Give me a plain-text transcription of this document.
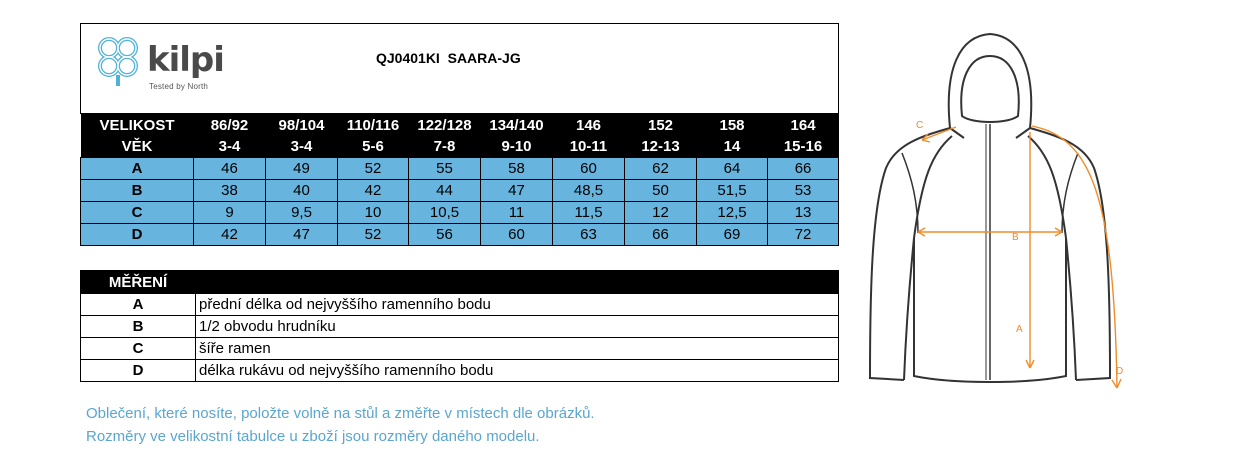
kilpi
Tested by North
QJ0401KI  SAARA-JG									

VELIKOST	86/92	98/104	110/116	122/128	134/140	146	152	158	164
VĚK	3-4	3-4	5-6	7-8	9-10	10-11	12-13	14	15-16
A	46	49	52	55	58	60	62	64	66
B	38	40	42	44	47	48,5	50	51,5	53
C	9	9,5	10	10,5	11	11,5	12	12,5	13
D	42	47	52	56	60	63	66	69	72
MĚŘENÍ	
A	přední délka od nejvyššího ramenního bodu
B	1/2 obvodu hrudníku
C	šíře ramen
D	délka rukávu od nejvyššího ramenního bodu
Oblečení, které nosíte, položte volně na stůl a změřte v místech dle obrázků.
Rozměry ve velikostní tabulce u zboží jsou rozměry daného modelu.
C
B
A
D
